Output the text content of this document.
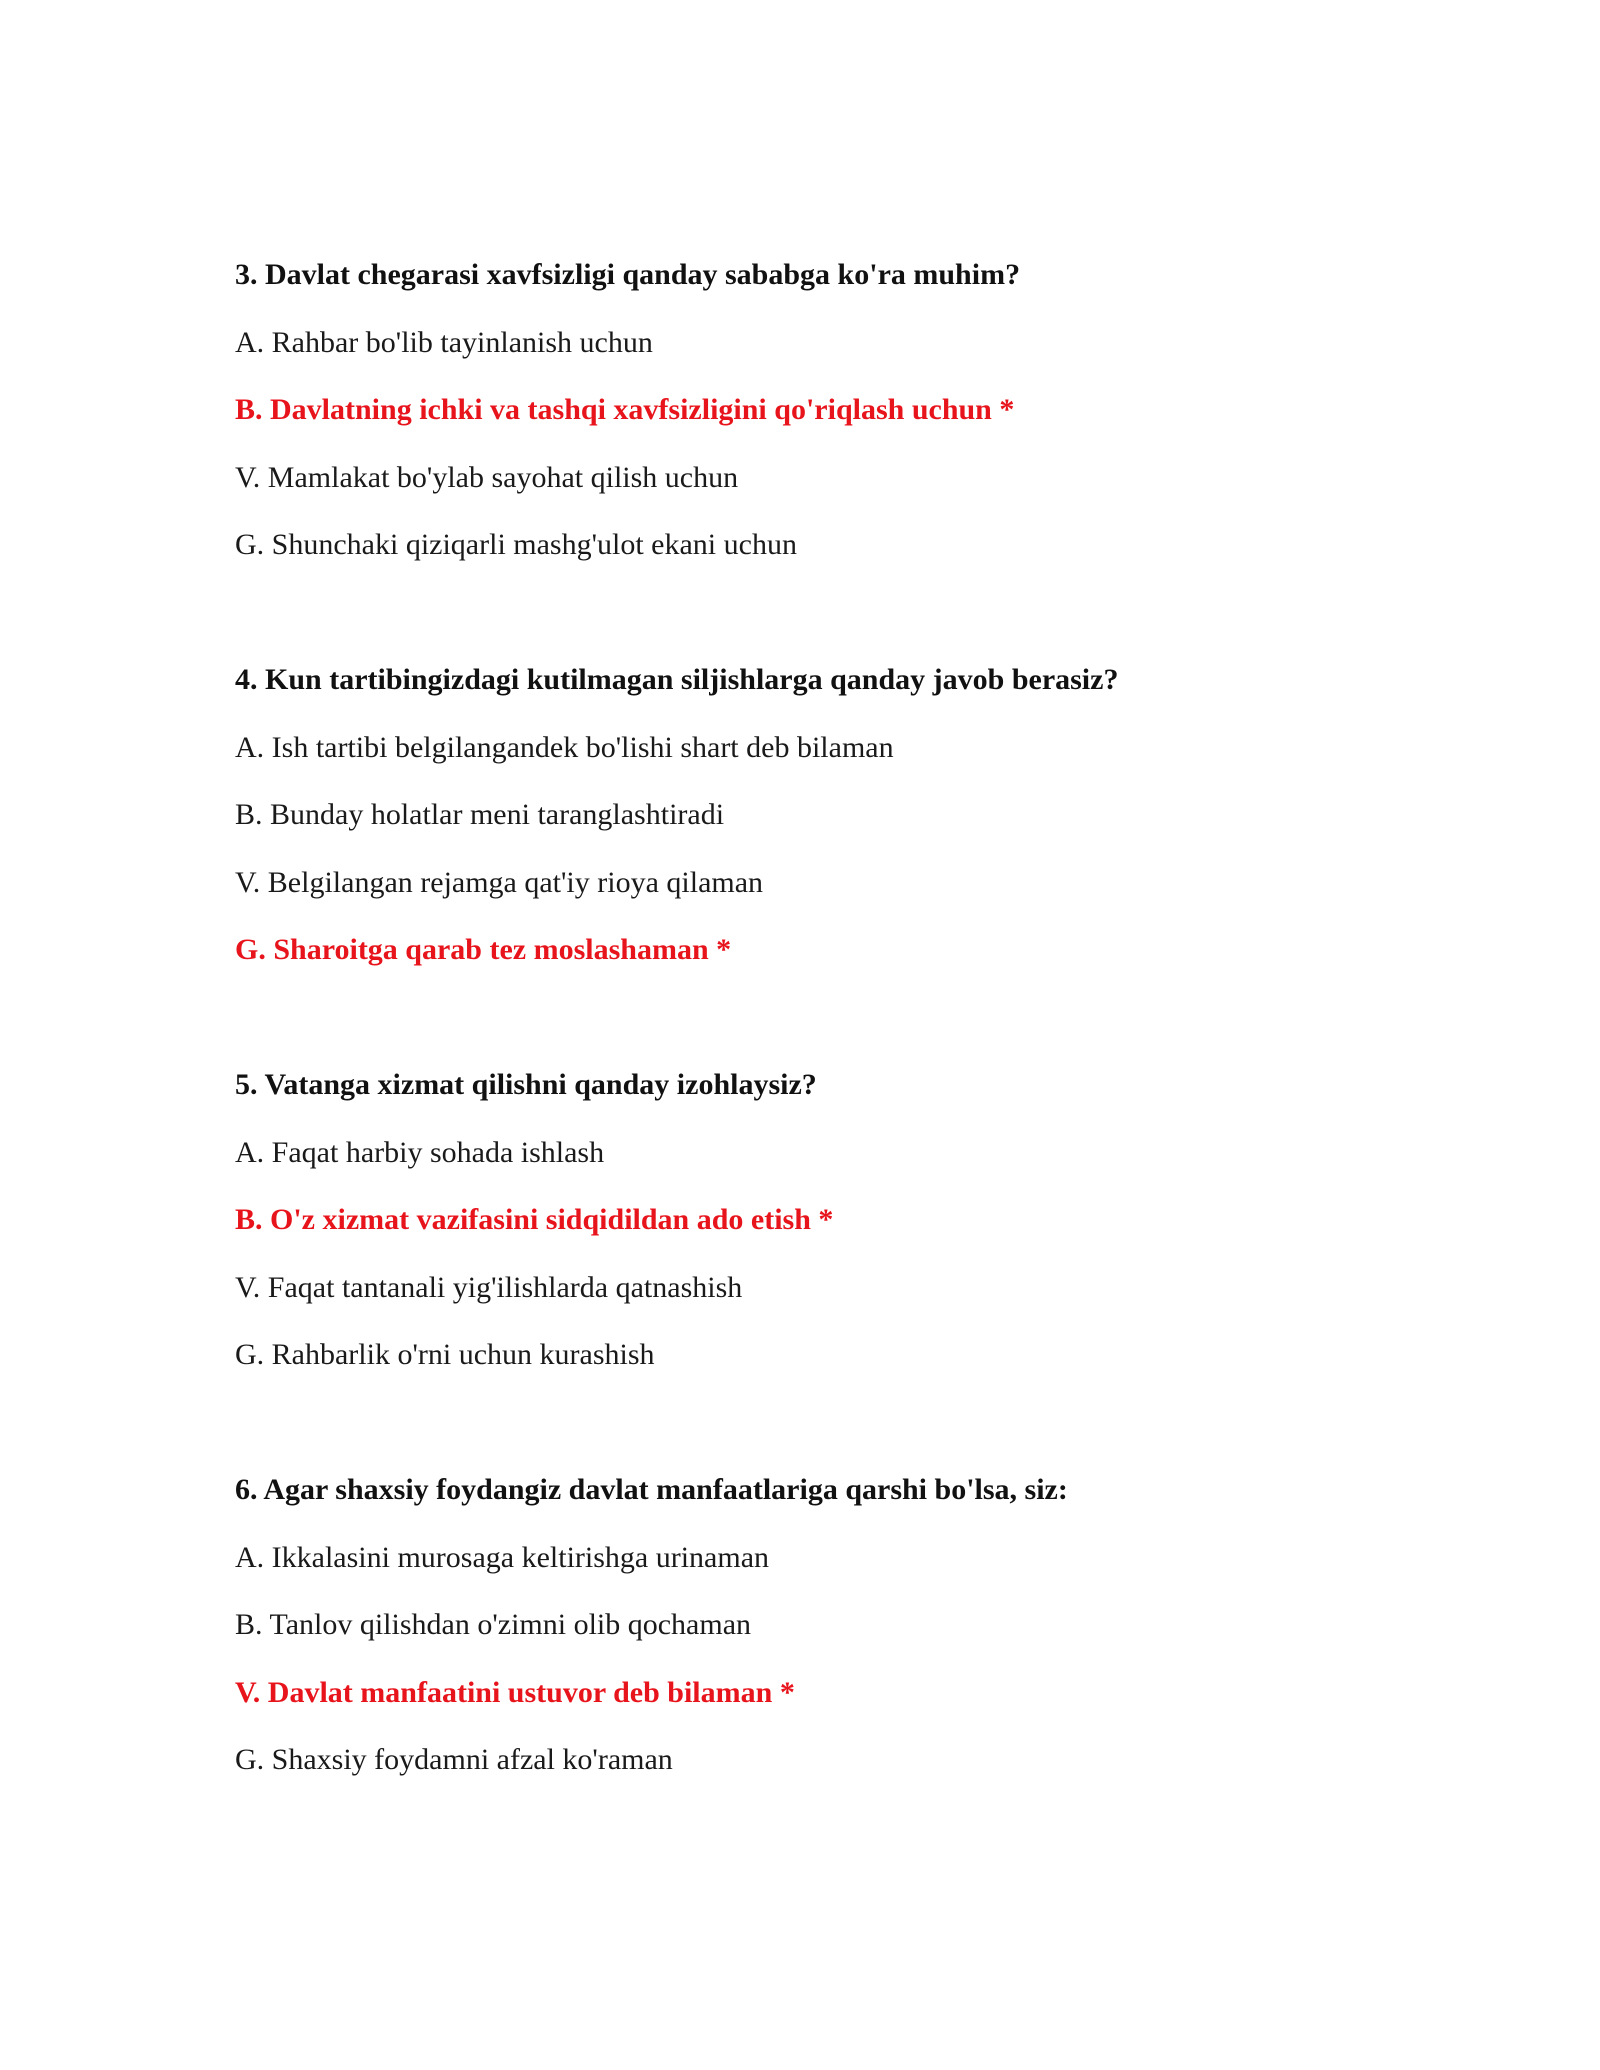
3. Davlat chegarasi xavfsizligi qanday sababga ko'ra muhim?

A. Rahbar bo'lib tayinlanish uchun

B. Davlatning ichki va tashqi xavfsizligini qo'riqlash uchun *

V. Mamlakat bo'ylab sayohat qilish uchun

G. Shunchaki qiziqarli mashg'ulot ekani uchun

4. Kun tartibingizdagi kutilmagan siljishlarga qanday javob berasiz?

A. Ish tartibi belgilangandek bo'lishi shart deb bilaman

B. Bunday holatlar meni taranglashtiradi

V. Belgilangan rejamga qat'iy rioya qilaman

G. Sharoitga qarab tez moslashaman *

5. Vatanga xizmat qilishni qanday izohlaysiz?

A. Faqat harbiy sohada ishlash

B. O'z xizmat vazifasini sidqidildan ado etish *

V. Faqat tantanali yig'ilishlarda qatnashish

G. Rahbarlik o'rni uchun kurashish

6. Agar shaxsiy foydangiz davlat manfaatlariga qarshi bo'lsa, siz:

A. Ikkalasini murosaga keltirishga urinaman

B. Tanlov qilishdan o'zimni olib qochaman

V. Davlat manfaatini ustuvor deb bilaman *

G. Shaxsiy foydamni afzal ko'raman
